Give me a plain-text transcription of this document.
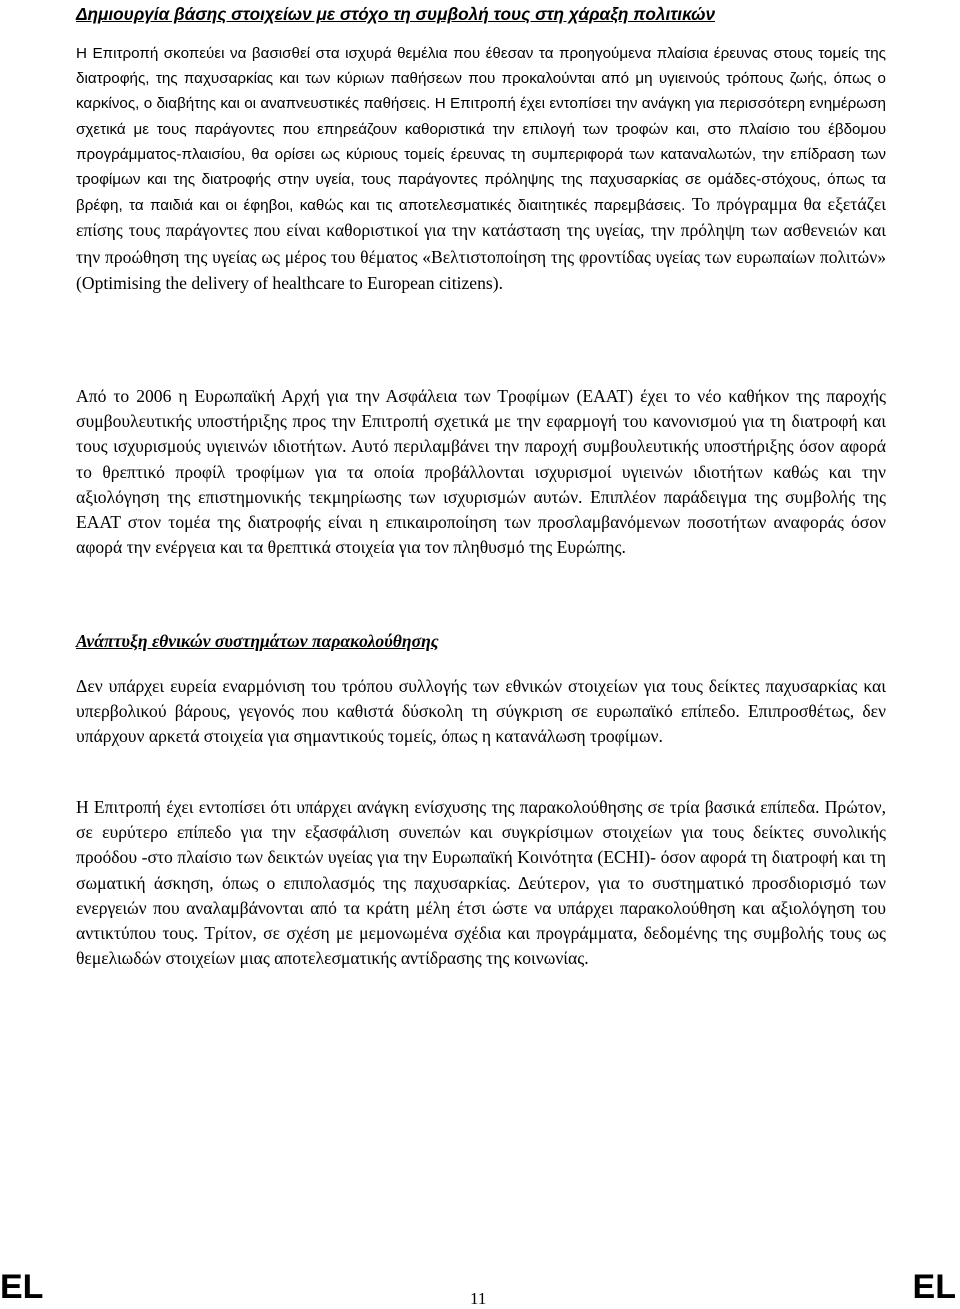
Δημιουργία βάσης στοιχείων με στόχο τη συμβολή τους στη χάραξη πολιτικών

Η Επιτροπή σκοπεύει να βασισθεί στα ισχυρά θεμέλια που έθεσαν τα προηγούμενα πλαίσια έρευνας στους τομείς της διατροφής, της παχυσαρκίας και των κύριων παθήσεων που προκαλούνται από μη υγιεινούς τρόπους ζωής, όπως ο καρκίνος, ο διαβήτης και οι αναπνευστικές παθήσεις. Η Επιτροπή έχει εντοπίσει την ανάγκη για περισσότερη ενημέρωση σχετικά με τους παράγοντες που επηρεάζουν καθοριστικά την επιλογή των τροφών και, στο πλαίσιο του έβδομου προγράμματος-πλαισίου, θα ορίσει ως κύριους τομείς έρευνας τη συμπεριφορά των καταναλωτών, την επίδραση των τροφίμων και της διατροφής στην υγεία, τους παράγοντες πρόληψης της παχυσαρκίας σε ομάδες-στόχους, όπως τα βρέφη, τα παιδιά και οι έφηβοι, καθώς και τις αποτελεσματικές διαιτητικές παρεμβάσεις. Το πρόγραμμα θα εξετάζει επίσης τους παράγοντες που είναι καθοριστικοί για την κατάσταση της υγείας, την πρόληψη των ασθενειών και την προώθηση της υγείας ως μέρος του θέματος «Βελτιστοποίηση της φροντίδας υγείας των ευρωπαίων πολιτών» (Optimising the delivery of healthcare to European citizens).

Από το 2006 η Ευρωπαϊκή Αρχή για την Ασφάλεια των Τροφίμων (ΕΑΑΤ) έχει το νέο καθήκον της παροχής συμβουλευτικής υποστήριξης προς την Επιτροπή σχετικά με την εφαρμογή του κανονισμού για τη διατροφή και τους ισχυρισμούς υγιεινών ιδιοτήτων. Αυτό περιλαμβάνει την παροχή συμβουλευτικής υποστήριξης όσον αφορά το θρεπτικό προφίλ τροφίμων για τα οποία προβάλλονται ισχυρισμοί υγιεινών ιδιοτήτων καθώς και την αξιολόγηση της επιστημονικής τεκμηρίωσης των ισχυρισμών αυτών. Επιπλέον παράδειγμα της συμβολής της ΕΑΑΤ στον τομέα της διατροφής είναι η επικαιροποίηση των προσλαμβανόμενων ποσοτήτων αναφοράς όσον αφορά την ενέργεια και τα θρεπτικά στοιχεία για τον πληθυσμό της Ευρώπης.

Ανάπτυξη εθνικών συστημάτων παρακολούθησης

Δεν υπάρχει ευρεία εναρμόνιση του τρόπου συλλογής των εθνικών στοιχείων για τους δείκτες παχυσαρκίας και υπερβολικού βάρους, γεγονός που καθιστά δύσκολη τη σύγκριση σε ευρωπαϊκό επίπεδο. Επιπροσθέτως, δεν υπάρχουν αρκετά στοιχεία για σημαντικούς τομείς, όπως η κατανάλωση τροφίμων.

Η Επιτροπή έχει εντοπίσει ότι υπάρχει ανάγκη ενίσχυσης της παρακολούθησης σε τρία βασικά επίπεδα. Πρώτον, σε ευρύτερο επίπεδο για την εξασφάλιση συνεπών και συγκρίσιμων στοιχείων για τους δείκτες συνολικής προόδου -στο πλαίσιο των δεικτών υγείας για την Ευρωπαϊκή Κοινότητα (ECHI)- όσον αφορά τη διατροφή και τη σωματική άσκηση, όπως ο επιπολασμός της παχυσαρκίας. Δεύτερον, για το συστηματικό προσδιορισμό των ενεργειών που αναλαμβάνονται από τα κράτη μέλη έτσι ώστε να υπάρχει παρακολούθηση και αξιολόγηση του αντικτύπου τους. Τρίτον, σε σχέση με μεμονωμένα σχέδια και προγράμματα, δεδομένης της συμβολής τους ως θεμελιωδών στοιχείων μιας αποτελεσματικής αντίδρασης της κοινωνίας.

EL	11	EL
